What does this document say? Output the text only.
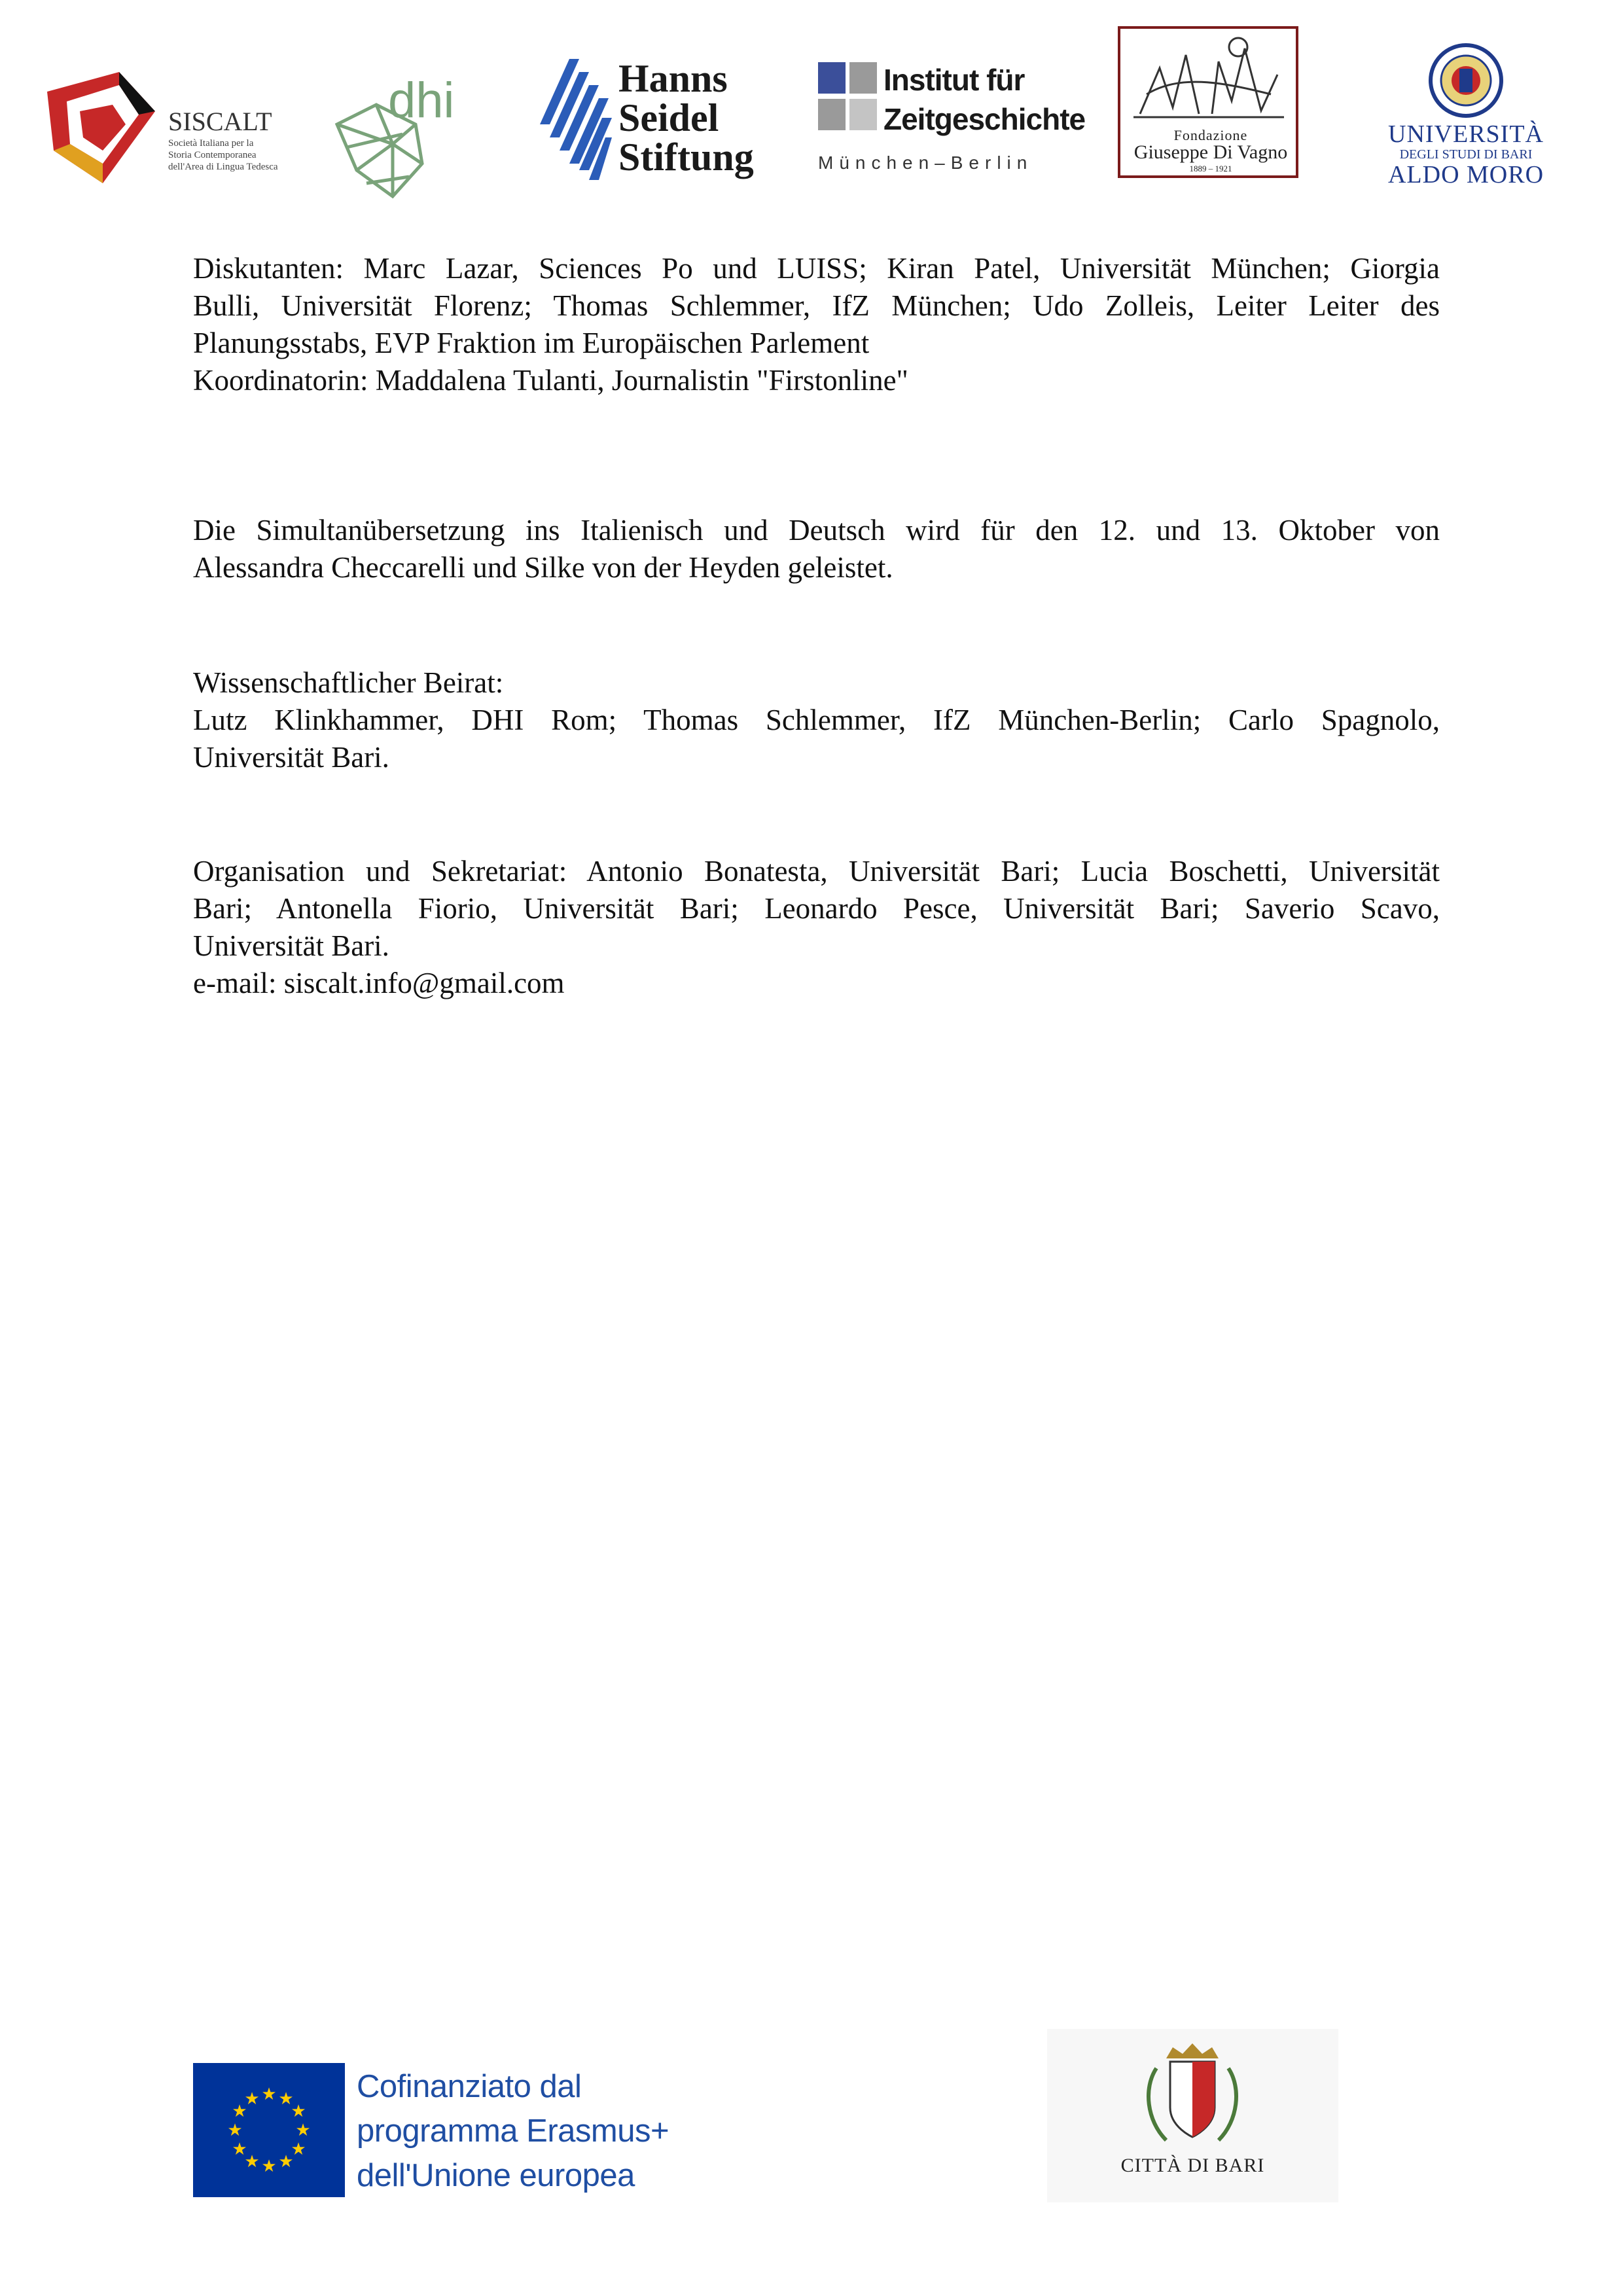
SISCALT
Società Italiana per la
Storia Contemporanea
dell'Area di Lingua Tedesca
dhi	Hanns
Seidel
Stiftung
Institut für
Zeitgeschichte
München–Berlin
Fondazione
Giuseppe Di Vagno
1889 – 1921
UNIVERSITÀ
DEGLI STUDI DI BARI
ALDO MORO

Diskutanten: Marc Lazar, Sciences Po und LUISS; Kiran Patel, Universität München; Giorgia

Bulli, Universität Florenz; Thomas Schlemmer, IfZ München; Udo Zolleis, Leiter Leiter des

Planungsstabs, EVP Fraktion im Europäischen Parlement

Koordinatorin: Maddalena Tulanti, Journalistin "Firstonline"

Die Simultanübersetzung ins Italienisch und Deutsch wird für den 12. und 13. Oktober von

Alessandra Checcarelli und Silke von der Heyden geleistet.

Wissenschaftlicher Beirat:

Lutz Klinkhammer, DHI Rom; Thomas Schlemmer, IfZ München-Berlin; Carlo Spagnolo,

Universität Bari.

Organisation und Sekretariat: Antonio Bonatesta, Universität Bari; Lucia Boschetti, Universität

Bari; Antonella Fiorio, Universität Bari; Leonardo Pesce, Universität Bari; Saverio Scavo,

Universität Bari.

e-mail: siscalt.info@gmail.com

★ ★
★
★
★
★
★
★
★
★
★
★	Cofinanziato dal
programma Erasmus+
dell'Unione europea	CITTÀ DI BARI
